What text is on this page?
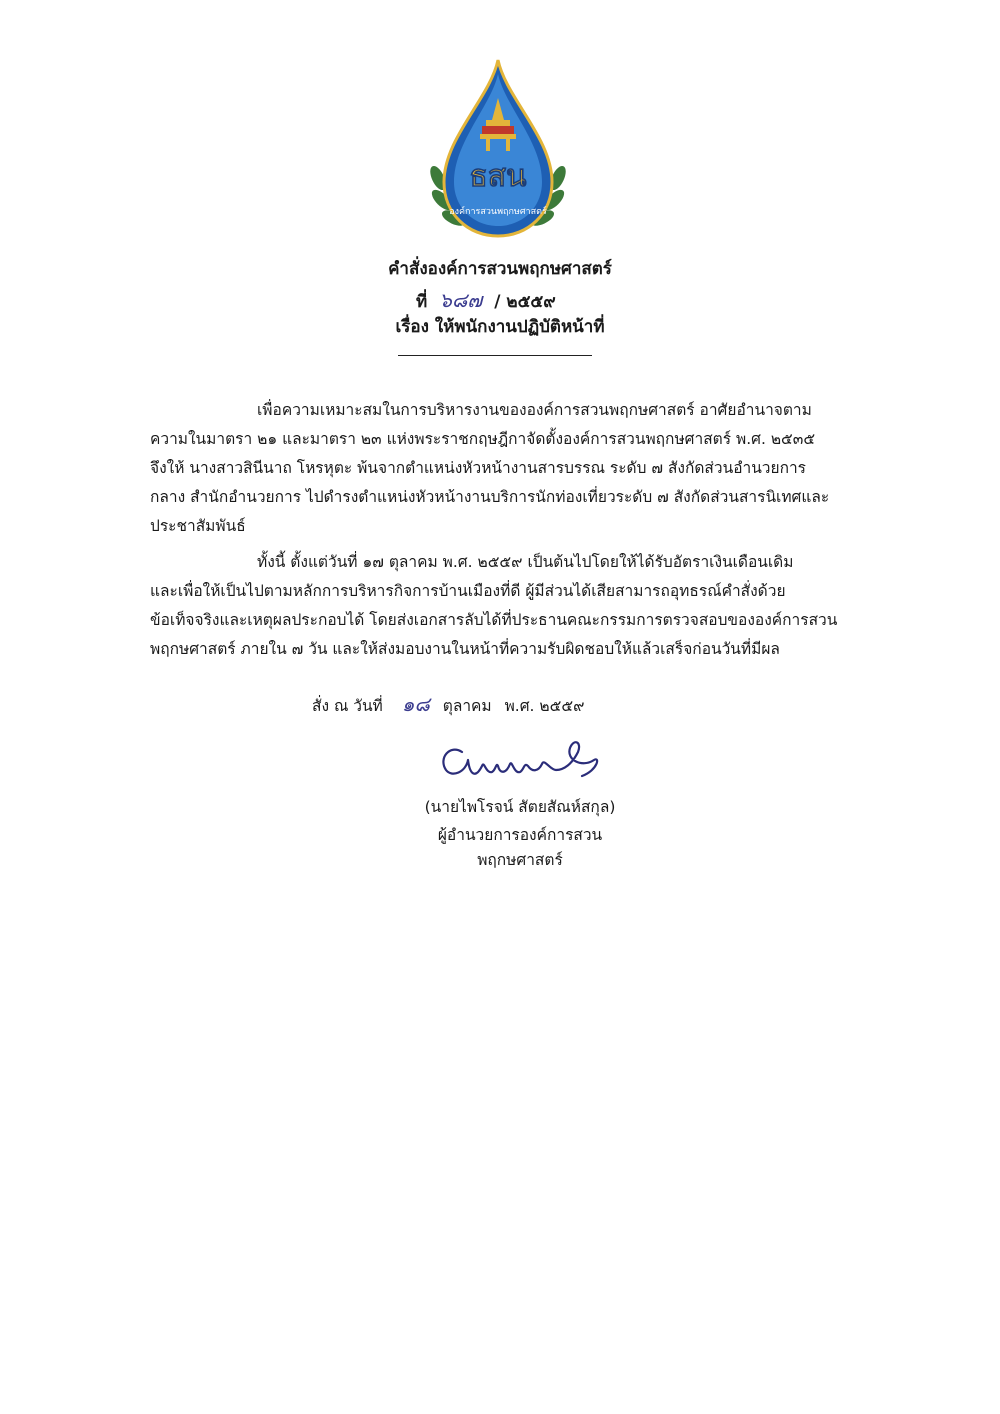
ธสน
องค์การสวนพฤกษศาสตร์
คำสั่งองค์การสวนพฤกษศาสตร์
ที่ ๖๘๗ / ๒๕๕๙
เรื่อง ให้พนักงานปฏิบัติหน้าที่
เพื่อความเหมาะสมในการบริหารงานขององค์การสวนพฤกษศาสตร์ อาศัยอำนาจตาม
ความในมาตรา ๒๑ และมาตรา ๒๓ แห่งพระราชกฤษฎีกาจัดตั้งองค์การสวนพฤกษศาสตร์ พ.ศ. ๒๕๓๕
จึงให้ นางสาวสินีนาถ โหรหุตะ พ้นจากตำแหน่งหัวหน้างานสารบรรณ ระดับ ๗ สังกัดส่วนอำนวยการ
กลาง สำนักอำนวยการ ไปดำรงตำแหน่งหัวหน้างานบริการนักท่องเที่ยวระดับ ๗ สังกัดส่วนสารนิเทศและ
ประชาสัมพันธ์
ทั้งนี้ ตั้งแต่วันที่ ๑๗ ตุลาคม พ.ศ. ๒๕๕๙ เป็นต้นไปโดยให้ได้รับอัตราเงินเดือนเดิม
และเพื่อให้เป็นไปตามหลักการบริหารกิจการบ้านเมืองที่ดี ผู้มีส่วนได้เสียสามารถอุทธรณ์คำสั่งด้วย
ข้อเท็จจริงและเหตุผลประกอบได้ โดยส่งเอกสารลับได้ที่ประธานคณะกรรมการตรวจสอบขององค์การสวน
พฤกษศาสตร์ ภายใน ๗ วัน และให้ส่งมอบงานในหน้าที่ความรับผิดชอบให้แล้วเสร็จก่อนวันที่มีผล
สั่ง ณ วันที่ ๑๘ ตุลาคม พ.ศ. ๒๕๕๙
(นายไพโรจน์ สัตยสัณห์สกุล)
ผู้อำนวยการองค์การสวนพฤกษศาสตร์
